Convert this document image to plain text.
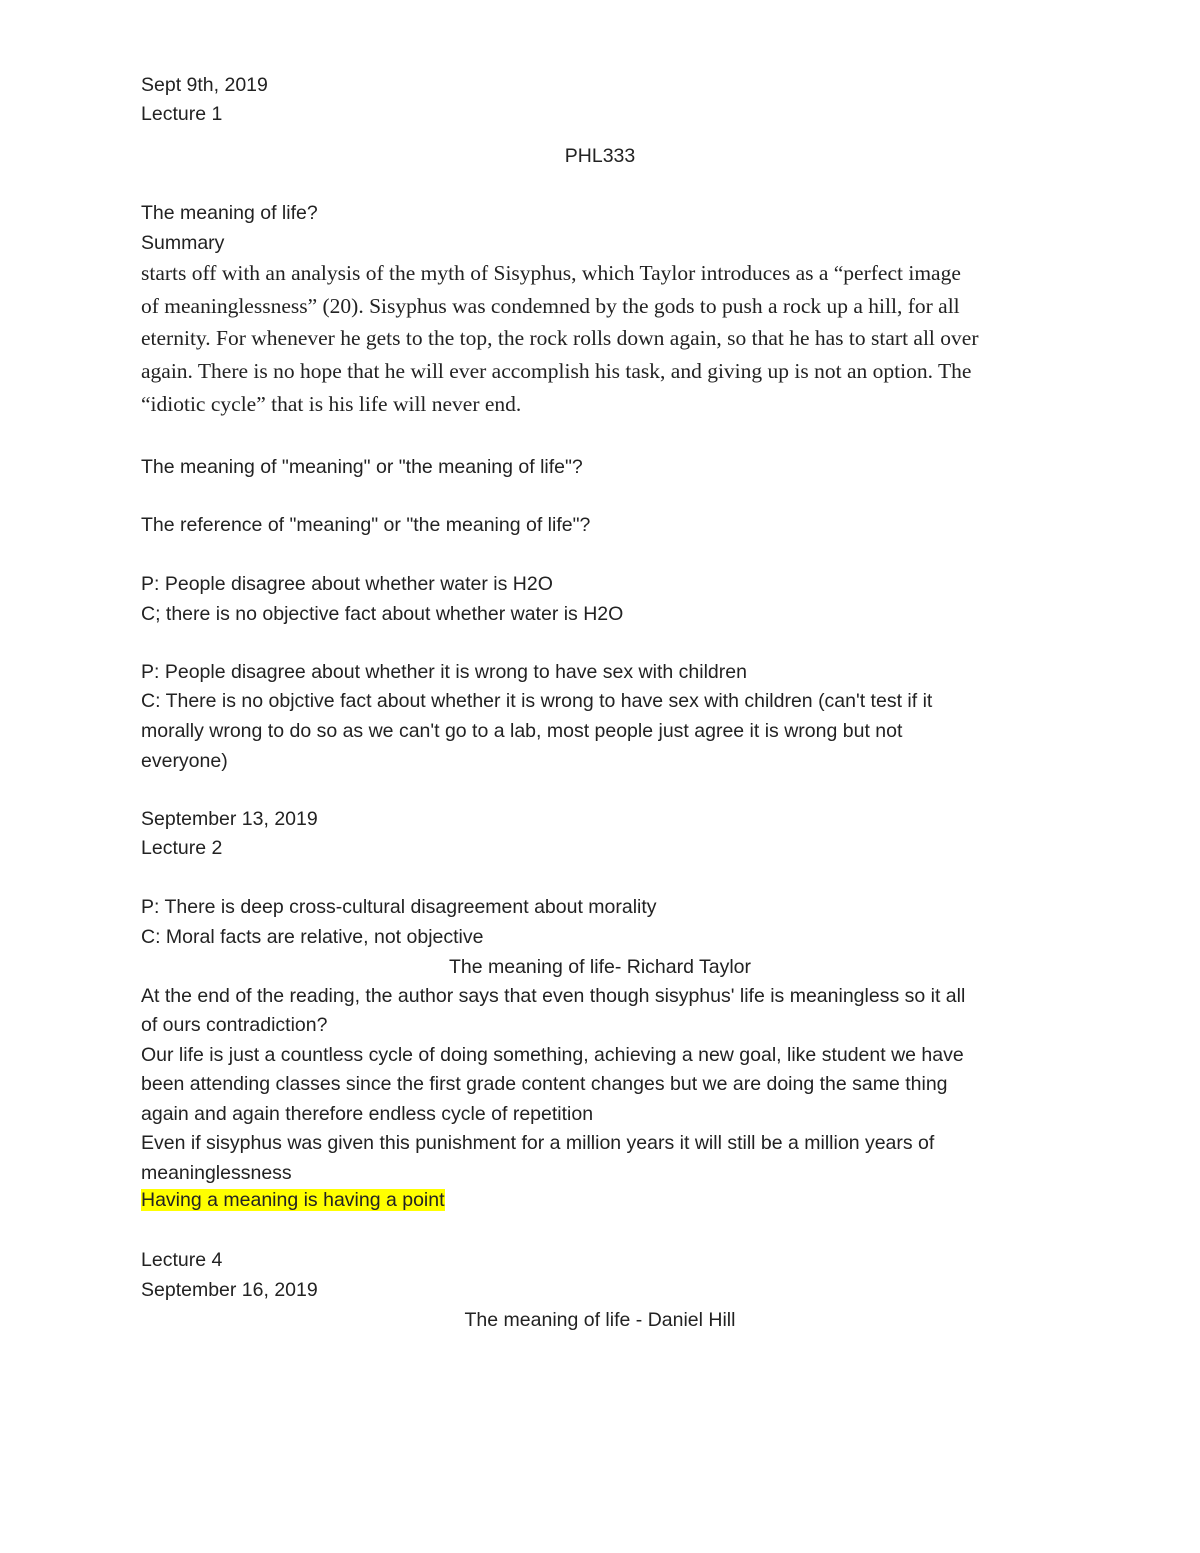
Sept 9th, 2019
Lecture 1
PHL333
The meaning of life?
Summary
starts off with an analysis of the myth of Sisyphus, which Taylor introduces as a “perfect image
of meaninglessness” (20). Sisyphus was condemned by the gods to push a rock up a hill, for all
eternity. For whenever he gets to the top, the rock rolls down again, so that he has to start all over
again. There is no hope that he will ever accomplish his task, and giving up is not an option. The
“idiotic cycle” that is his life will never end.
The meaning of "meaning" or "the meaning of life"?
The reference of "meaning" or "the meaning of life"?
P: People disagree about whether water is H2O
C; there is no objective fact about whether water is H2O
P: People disagree about whether it is wrong to have sex with children
C: There is no objctive fact about whether it is wrong to have sex with children (can't test if it
morally wrong to do so as we can't go to a lab, most people just agree it is wrong but not
everyone)
September 13, 2019
Lecture 2
P: There is deep cross-cultural disagreement about morality
C: Moral facts are relative, not objective
The meaning of life- Richard Taylor
At the end of the reading, the author says that even though sisyphus' life is meaningless so it all
of ours contradiction?
Our life is just a countless cycle of doing something, achieving a new goal, like student we have
been attending classes since the first grade content changes but we are doing the same thing
again and again therefore endless cycle of repetition
Even if sisyphus was given this punishment for a million years it will still be a million years of
meaninglessness
Having a meaning is having a point
Lecture 4
September 16, 2019
The meaning of life - Daniel Hill
